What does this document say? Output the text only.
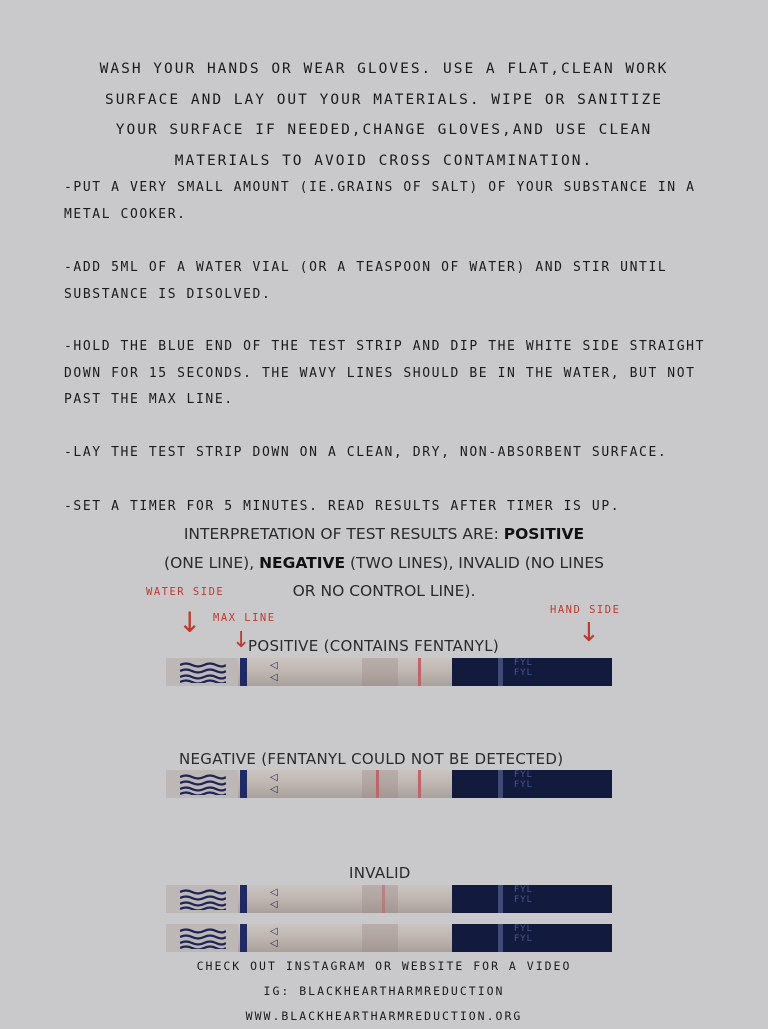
WASH YOUR HANDS OR WEAR GLOVES. USE A FLAT,CLEAN WORK
SURFACE AND LAY OUT YOUR MATERIALS. WIPE OR SANITIZE
YOUR SURFACE IF NEEDED,CHANGE GLOVES,AND USE CLEAN
MATERIALS TO AVOID CROSS CONTAMINATION.
-PUT A VERY SMALL AMOUNT (IE.GRAINS OF SALT) OF YOUR SUBSTANCE IN A
METAL COOKER.
-ADD 5ML OF A WATER VIAL (OR A TEASPOON OF WATER) AND STIR UNTIL
SUBSTANCE IS DISOLVED.
-HOLD THE BLUE END OF THE TEST STRIP AND DIP THE WHITE SIDE STRAIGHT
DOWN FOR 15 SECONDS. THE WAVY LINES SHOULD BE IN THE WATER, BUT NOT
PAST THE MAX LINE.
-LAY THE TEST STRIP DOWN ON A CLEAN, DRY, NON-ABSORBENT SURFACE.
-SET A TIMER FOR 5 MINUTES. READ RESULTS AFTER TIMER IS UP.
INTERPRETATION OF TEST RESULTS ARE: POSITIVE
(ONE LINE), NEGATIVE (TWO LINES), INVALID (NO LINES
OR NO CONTROL LINE).
WATER SIDE
↓ MAX LINE
↓
HAND SIDE
↓
POSITIVE (CONTAINS FENTANYL)
◁
◁
FYL
FYL
NEGATIVE (FENTANYL COULD NOT BE DETECTED)
◁
◁
FYL
FYL
INVALID
◁
◁
FYL
FYL
◁
◁
FYL
FYL
CHECK OUT INSTAGRAM OR WEBSITE FOR A VIDEO
IG: BLACKHEARTHARMREDUCTION
WWW.BLACKHEARTHARMREDUCTION.ORG
